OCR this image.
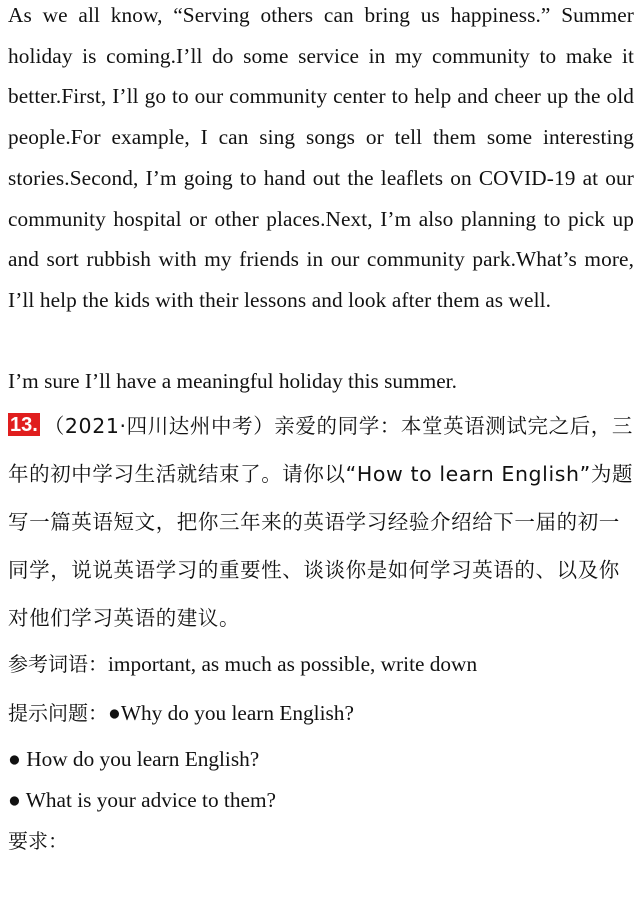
As we all know, “Serving others can bring us happiness.” Summer holiday is coming.I’ll do some service in my community to make it better.First, I’ll go to our community center to help and cheer up the old people.For example, I can sing songs or tell them some interesting stories.Second, I’m going to hand out the leaflets on COVID-19 at our community hospital or other places.Next, I’m also planning to pick up and sort rubbish with my friends in our community park.What’s more, I’ll help the kids with their lessons and look after them as well.

I’m sure I’ll have a meaningful holiday this summer.

13. （2021·四川达州中考）亲爱的同学：本堂英语测试完之后，三年的初中学习生活就结束了。请你以“How to learn English”为题写一篇英语短文，把你三年来的英语学习经验介绍给下一届的初一同学，说说英语学习的重要性、谈谈你是如何学习英语的、以及你对他们学习英语的建议。

参考词语：important, as much as possible, write down

提示问题：●Why do you learn English?

● How do you learn English?

● What is your advice to them?

要求：
